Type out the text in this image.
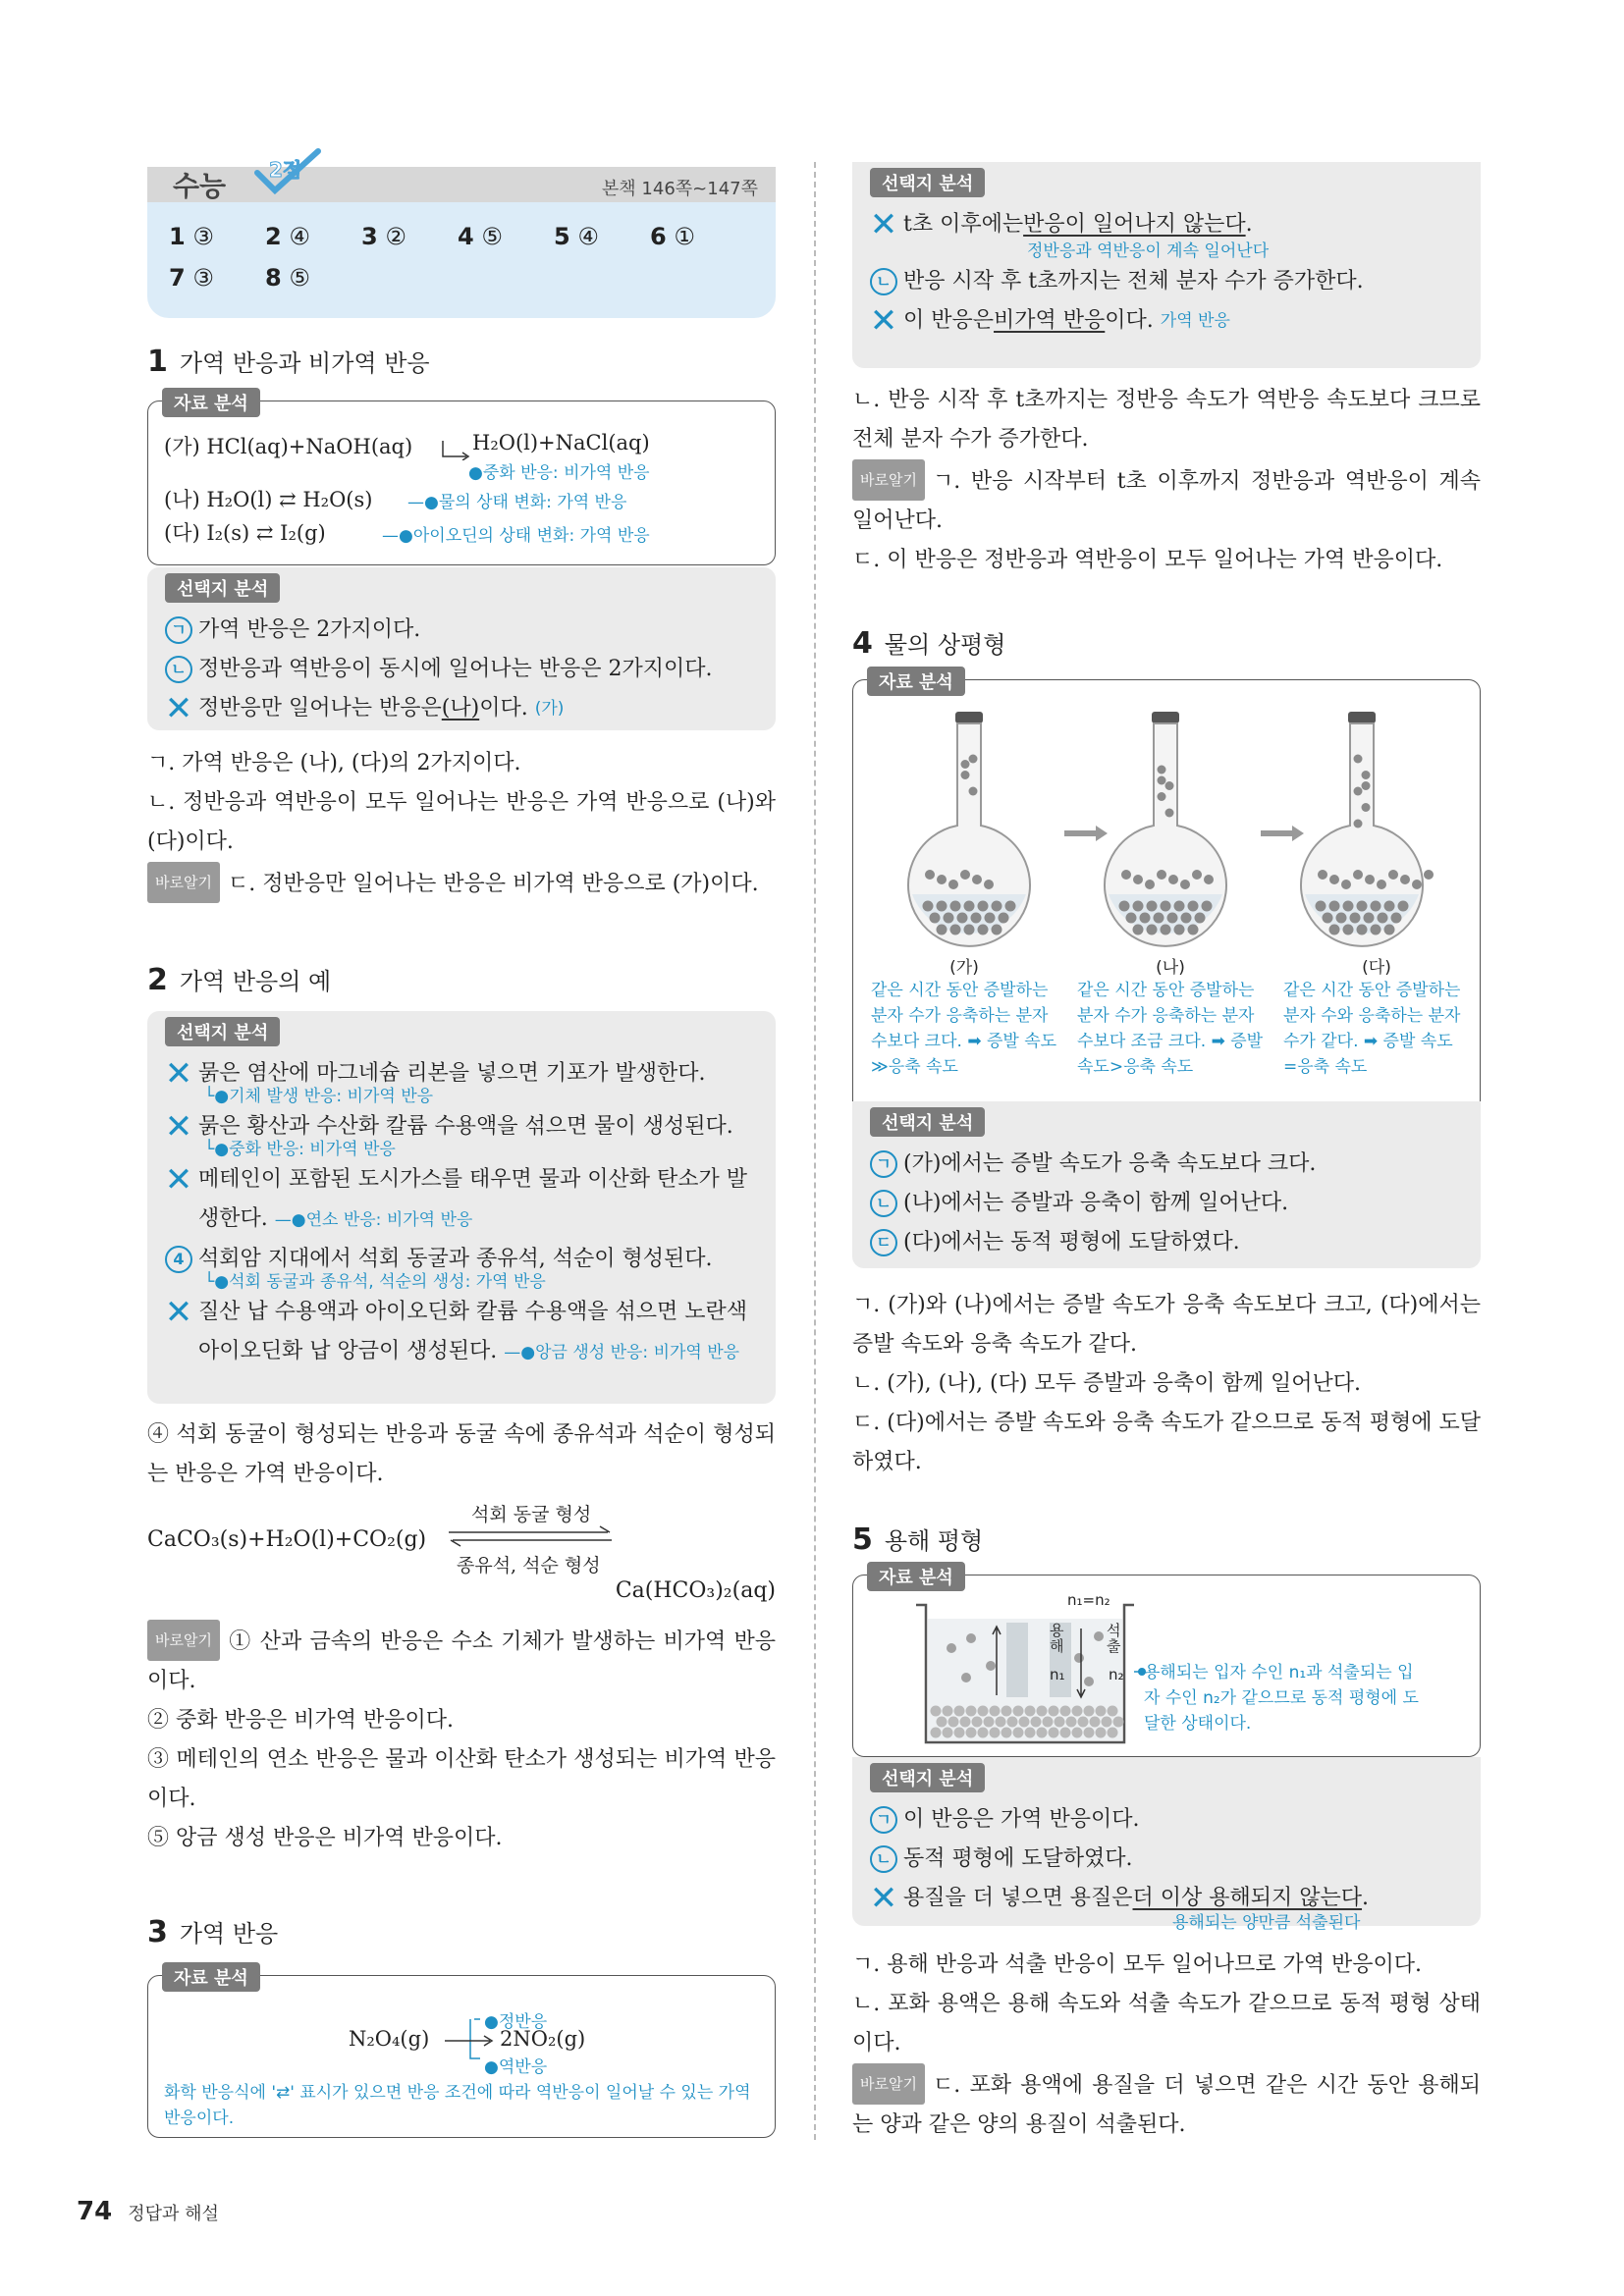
수능 2점
본책 146쪽~147쪽
1 ③	2 ④	3 ②	4 ⑤	5 ④	6 ①
7 ③	8 ⑤
1 가역 반응과 비가역 반응
자료 분석
(가) HCl(aq)+NaOH(aq)	H₂O(l)+NaCl(aq)
●중화 반응: 비가역 반응
(나) H₂O(l) ⇄ H₂O(s) —●물의 상태 변화: 가역 반응
(다) I₂(s) ⇄ I₂(g)	—●아이오딘의 상태 변화: 가역 반응
선택지 분석
ㄱ 가역 반응은 2가지이다.
ㄴ 정반응과 역반응이 동시에 일어나는 반응은 2가지이다.
✕ 정반응만 일어나는 반응은 (나) 이다.
(가)
ㄱ. 가역 반응은 (나), (다)의 2가지이다.
ㄴ. 정반응과 역반응이 모두 일어나는 반응은 가역 반응으로 (나)와 (다)이다.
바로알기 ㄷ. 정반응만 일어나는 반응은 비가역 반응으로 (가)이다.
2 가역 반응의 예
선택지 분석
✕ 묽은 염산에 마그네슘 리본을 넣으면 기포가 발생한다.
└●기체 발생 반응: 비가역 반응
✕ 묽은 황산과 수산화 칼륨 수용액을 섞으면 물이 생성된다.
└●중화 반응: 비가역 반응
✕ 메테인이 포함된 도시가스를 태우면 물과 이산화 탄소가 발생한다. —●연소 반응: 비가역 반응
4 석회암 지대에서 석회 동굴과 종유석, 석순이 형성된다.
└●석회 동굴과 종유석, 석순의 생성: 가역 반응
✕ 질산 납 수용액과 아이오딘화 칼륨 수용액을 섞으면 노란색 아이오딘화 납 앙금이 생성된다. —●앙금 생성 반응: 비가역 반응
④ 석회 동굴이 형성되는 반응과 동굴 속에 종유석과 석순이 형성되는 반응은 가역 반응이다.
CaCO₃(s)+H₂O(l)+CO₂(g)
석회 동굴 형성
종유석, 석순 형성
Ca(HCO₃)₂(aq)
바로알기 ① 산과 금속의 반응은 수소 기체가 발생하는 비가역 반응이다.
② 중화 반응은 비가역 반응이다.
③ 메테인의 연소 반응은 물과 이산화 탄소가 생성되는 비가역 반응이다.
⑤ 앙금 생성 반응은 비가역 반응이다.
3 가역 반응
자료 분석
N₂O₄(g)
●정반응
2NO₂(g)
●역반응
화학 반응식에 '⇄' 표시가 있으면 반응 조건에 따라 역반응이 일어날 수 있는 가역 반응이다.
선택지 분석
✕ t초 이후에는 반응이 일어나지 않는다 .
정반응과 역반응이 계속 일어난다
ㄴ 반응 시작 후 t초까지는 전체 분자 수가 증가한다.
✕ 이 반응은 비가역 반응 이다.
가역 반응
ㄴ. 반응 시작 후 t초까지는 정반응 속도가 역반응 속도보다 크므로 전체 분자 수가 증가한다.
바로알기 ㄱ. 반응 시작부터 t초 이후까지 정반응과 역반응이 계속 일어난다.
ㄷ. 이 반응은 정반응과 역반응이 모두 일어나는 가역 반응이다.
4 물의 상평형
자료 분석
(가)
같은 시간 동안 증발하는 분자 수가 응축하는 분자 수보다 크다. ➡ 증발 속도≫응축 속도
(나)
같은 시간 동안 증발하는 분자 수가 응축하는 분자 수보다 조금 크다. ➡ 증발 속도>응축 속도
(다)
같은 시간 동안 증발하는 분자 수와 응축하는 분자 수가 같다. ➡ 증발 속도 =응축 속도
선택지 분석
ㄱ (가)에서는 증발 속도가 응축 속도보다 크다.
ㄴ (나)에서는 증발과 응축이 함께 일어난다.
ㄷ (다)에서는 동적 평형에 도달하였다.
ㄱ. (가)와 (나)에서는 증발 속도가 응축 속도보다 크고, (다)에서는 증발 속도와 응축 속도가 같다.
ㄴ. (가), (나), (다) 모두 증발과 응축이 함께 일어난다.
ㄷ. (다)에서는 증발 속도와 응축 속도가 같으므로 동적 평형에 도달하였다.
5 용해 평형
자료 분석
n₁=n₂
용해
석출
n₁	n₂ 용해되는 입자 수인 n₁과 석출되는 입자 수인 n₂가 같으므로 동적 평형에 도달한 상태이다.
선택지 분석
ㄱ 이 반응은 가역 반응이다.
ㄴ 동적 평형에 도달하였다.
✕ 용질을 더 넣으면 용질은 더 이상 용해되지 않는다 .
용해되는 양만큼 석출된다
ㄱ. 용해 반응과 석출 반응이 모두 일어나므로 가역 반응이다.
ㄴ. 포화 용액은 용해 속도와 석출 속도가 같으므로 동적 평형 상태이다.
바로알기 ㄷ. 포화 용액에 용질을 더 넣으면 같은 시간 동안 용해되는 양과 같은 양의 용질이 석출된다.
74 정답과 해설
